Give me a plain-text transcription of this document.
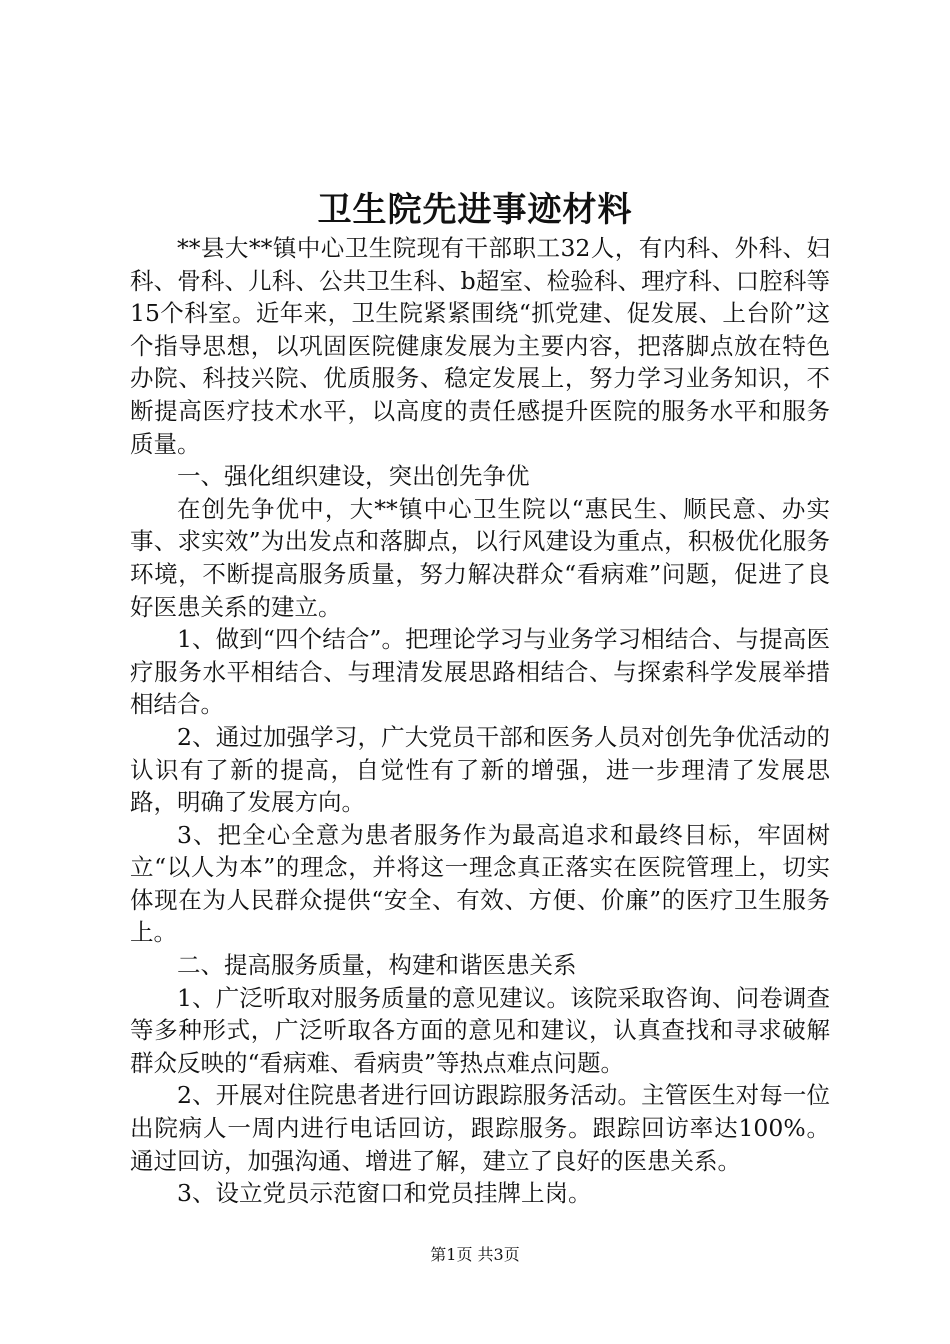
卫生院先进事迹材料

**县大**镇中心卫生院现有干部职工32人，有内科、外科、妇科、骨科、儿科、公共卫生科、b超室、检验科、理疗科、口腔科等15个科室。近年来，卫生院紧紧围绕“抓党建、促发展、上台阶”这个指导思想，以巩固医院健康发展为主要内容，把落脚点放在特色办院、科技兴院、优质服务、稳定发展上，努力学习业务知识，不断提高医疗技术水平，以高度的责任感提升医院的服务水平和服务质量。

一、强化组织建设，突出创先争优

在创先争优中，大**镇中心卫生院以“惠民生、顺民意、办实事、求实效”为出发点和落脚点，以行风建设为重点，积极优化服务环境，不断提高服务质量，努力解决群众“看病难”问题，促进了良好医患关系的建立。

1、做到“四个结合”。把理论学习与业务学习相结合、与提高医疗服务水平相结合、与理清发展思路相结合、与探索科学发展举措相结合。

2、通过加强学习，广大党员干部和医务人员对创先争优活动的认识有了新的提高，自觉性有了新的增强，进一步理清了发展思路，明确了发展方向。

3、把全心全意为患者服务作为最高追求和最终目标，牢固树立“以人为本”的理念，并将这一理念真正落实在医院管理上，切实体现在为人民群众提供“安全、有效、方便、价廉”的医疗卫生服务上。

二、提高服务质量，构建和谐医患关系

1、广泛听取对服务质量的意见建议。该院采取咨询、问卷调查等多种形式，广泛听取各方面的意见和建议，认真查找和寻求破解群众反映的“看病难、看病贵”等热点难点问题。

2、开展对住院患者进行回访跟踪服务活动。主管医生对每一位出院病人一周内进行电话回访，跟踪服务。跟踪回访率达100%。通过回访，加强沟通、增进了解，建立了良好的医患关系。

3、设立党员示范窗口和党员挂牌上岗。

第1页 共3页
